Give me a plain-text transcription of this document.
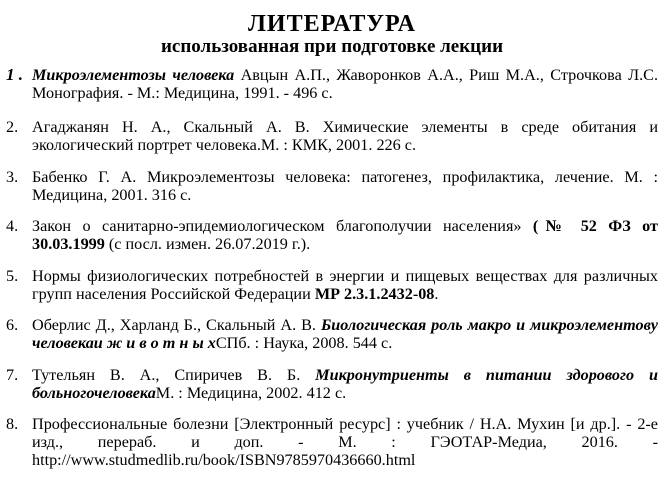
ЛИТЕРАТУРА
использованная при подготовке лекции
1 . Микроэлементозы человека Авцын А.П., Жаворонков А.А., Риш М.А., Строчкова Л.С. Монография. - М.: Медицина, 1991. - 496 с.
2. Агаджанян Н. А., Скальный А. В. Химические элементы в среде обитания и экологический портрет человека.М. : КМК, 2001. 226 с.
3. Бабенко Г. А. Микроэлементозы человека: патогенез, профилактика, лечение. М. : Медицина, 2001. 316 с.
4. Закон о санитарно-эпидемиологическом благополучии населения» (№ 52 ФЗ от 30.03.1999 (с посл. измен. 26.07.2019 г.).
5. Нормы физиологических потребностей в энергии и пищевых веществах для различных групп населения Российской Федерации МР 2.3.1.2432-08.
6. Оберлис Д., Харланд Б., Скальный А. В. Биологическая роль макро и микроэлементову человекаи ж и в о т н ы хСПб. : Наука, 2008. 544 с.
7. Тутельян В. А., Спиричев В. Б. Микронутриенты в питании здорового и больногочеловекаМ. : Медицина, 2002. 412 с.
8. Профессиональные болезни [Электронный ресурс] : учебник / Н.А. Мухин [и др.]. - 2-е изд., перераб. и доп. - М. : ГЭОТАР-Медиа, 2016. - http://www.studmedlib.ru/book/ISBN9785970436660.html
